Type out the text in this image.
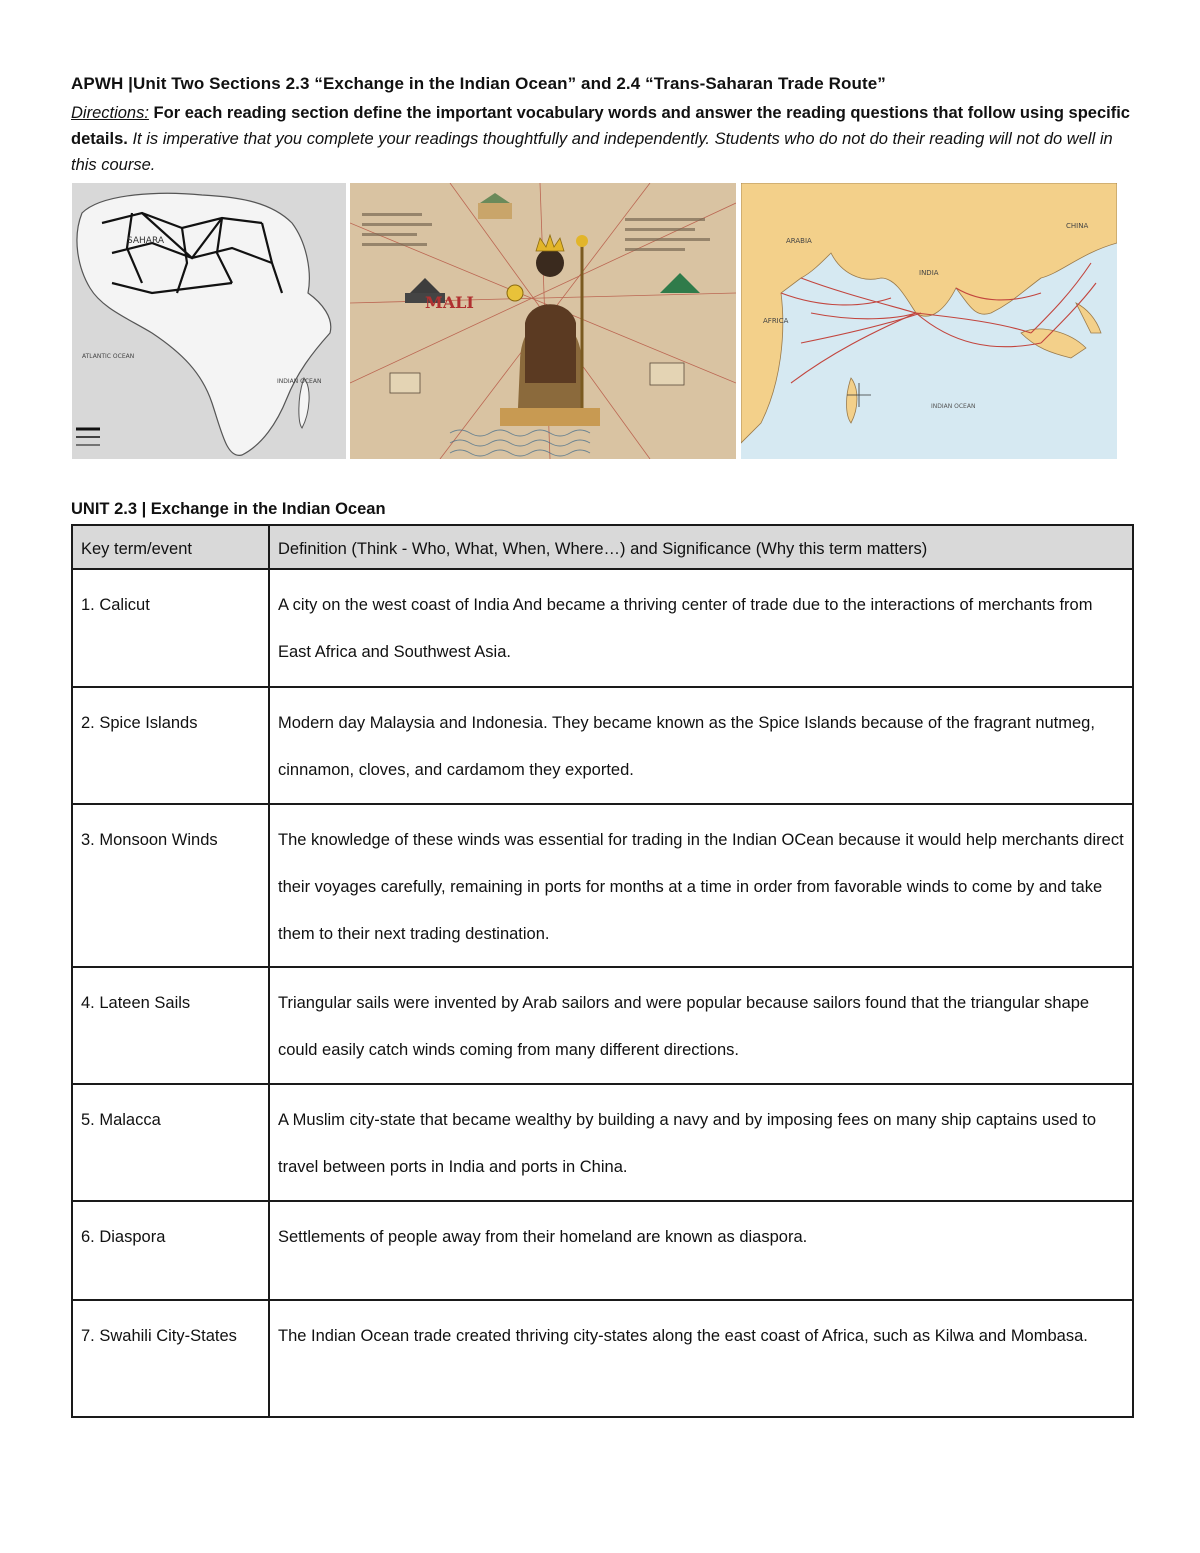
APWH |Unit Two Sections 2.3 “Exchange in the Indian Ocean” and 2.4 “Trans-Saharan Trade Route”
Directions: For each reading section define the important vocabulary words and answer the reading questions that follow using specific details. It is imperative that you complete your readings thoughtfully and independently. Students who do not do their reading will not do well in this course.
SAHARA
INDIAN OCEAN
ATLANTIC OCEAN
MALI
ARABIA
INDIA
CHINA
AFRICA
INDIAN OCEAN
UNIT 2.3 | Exchange in the Indian Ocean
Key term/event	Definition (Think - Who, What, When, Where…) and Significance (Why this term matters)
1. Calicut	A city on the west coast of India And became a thriving center of trade due to the interactions of merchants from East Africa and Southwest Asia.
2. Spice Islands	Modern day Malaysia and Indonesia. They became known as the Spice Islands because of the fragrant nutmeg, cinnamon, cloves, and cardamom they exported.
3. Monsoon Winds	The knowledge of these winds was essential for trading in the Indian OCean because it would help merchants direct their voyages carefully, remaining in ports for months at a time in order from favorable winds to come by and take them to their next trading destination.
4. Lateen Sails	Triangular sails were invented by Arab sailors and were popular because sailors found that the triangular shape could easily catch winds coming from many different directions.
5. Malacca	A Muslim city-state that became wealthy by building a navy and by imposing fees on many ship captains used to travel between ports in India and ports in China.
6. Diaspora	Settlements of people away from their homeland are known as diaspora.
7. Swahili City-States	The Indian Ocean trade created thriving city-states along the east coast of Africa, such as Kilwa and Mombasa.
